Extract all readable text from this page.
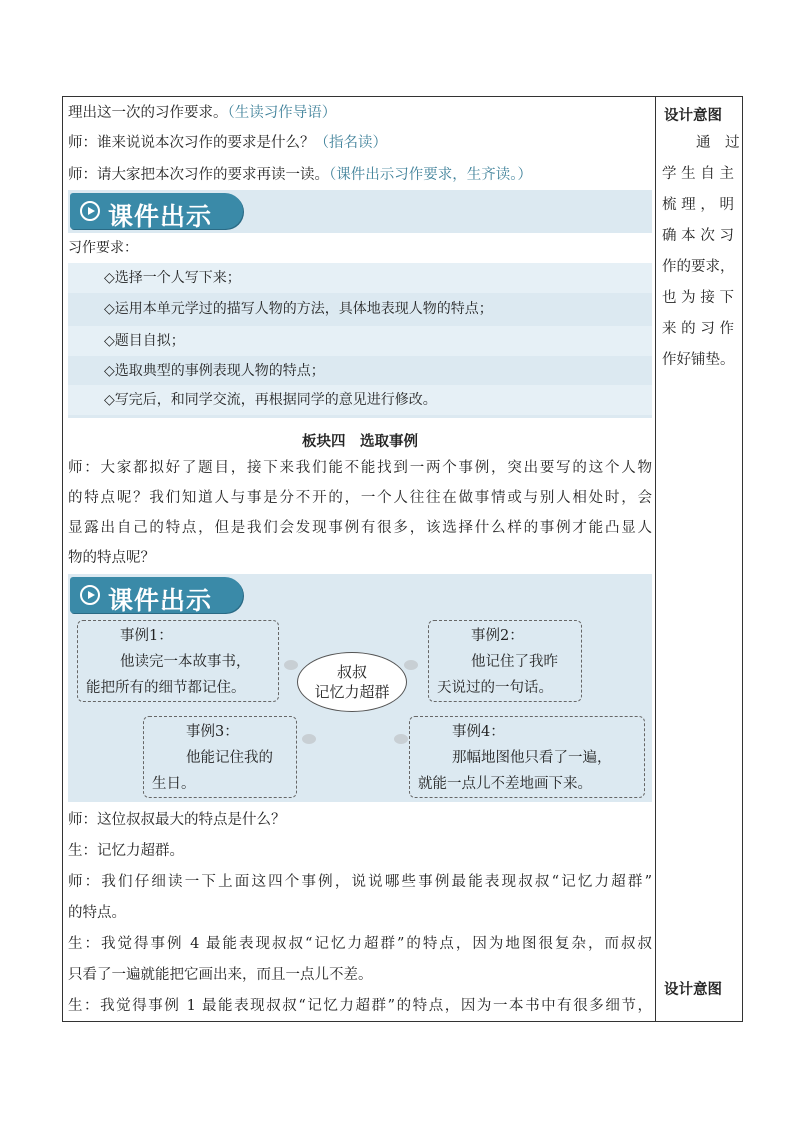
理出这一次的习作要求。（生读习作导语）
师：谁来说说本次习作的要求是什么？（指名读）
师：请大家把本次习作的要求再读一读。（课件出示习作要求，生齐读。）
课件出示
习作要求：
◇选择一个人写下来；
◇运用本单元学过的描写人物的方法，具体地表现人物的特点；
◇题目自拟；
◇选取典型的事例表现人物的特点；
◇写完后，和同学交流，再根据同学的意见进行修改。
板块四　选取事例
师：大家都拟好了题目，接下来我们能不能找到一两个事例，突出要写的这个人物
的特点呢？我们知道人与事是分不开的，一个人往往在做事情或与别人相处时，会
显露出自己的特点，但是我们会发现事例有很多，该选择什么样的事例才能凸显人
物的特点呢？
课件出示
事例1：
他读完一本故事书，
能把所有的细节都记住。
事例2：
他记住了我昨
天说过的一句话。
事例3：
他能记住我的
生日。
事例4：
那幅地图他只看了一遍，
就能一点儿不差地画下来。
叔叔
记忆力超群
师：这位叔叔最大的特点是什么？
生：记忆力超群。
师：我们仔细读一下上面这四个事例，说说哪些事例最能表现叔叔“记忆力超群”
的特点。
生：我觉得事例 4 最能表现叔叔“记忆力超群”的特点，因为地图很复杂，而叔叔
只看了一遍就能把它画出来，而且一点儿不差。
生：我觉得事例 1 最能表现叔叔“记忆力超群”的特点，因为一本书中有很多细节，
设计意图
通　过
学生自主
梳理，明
确本次习
作的要求，
也为接下
来的习作
作好铺垫。
设计意图
